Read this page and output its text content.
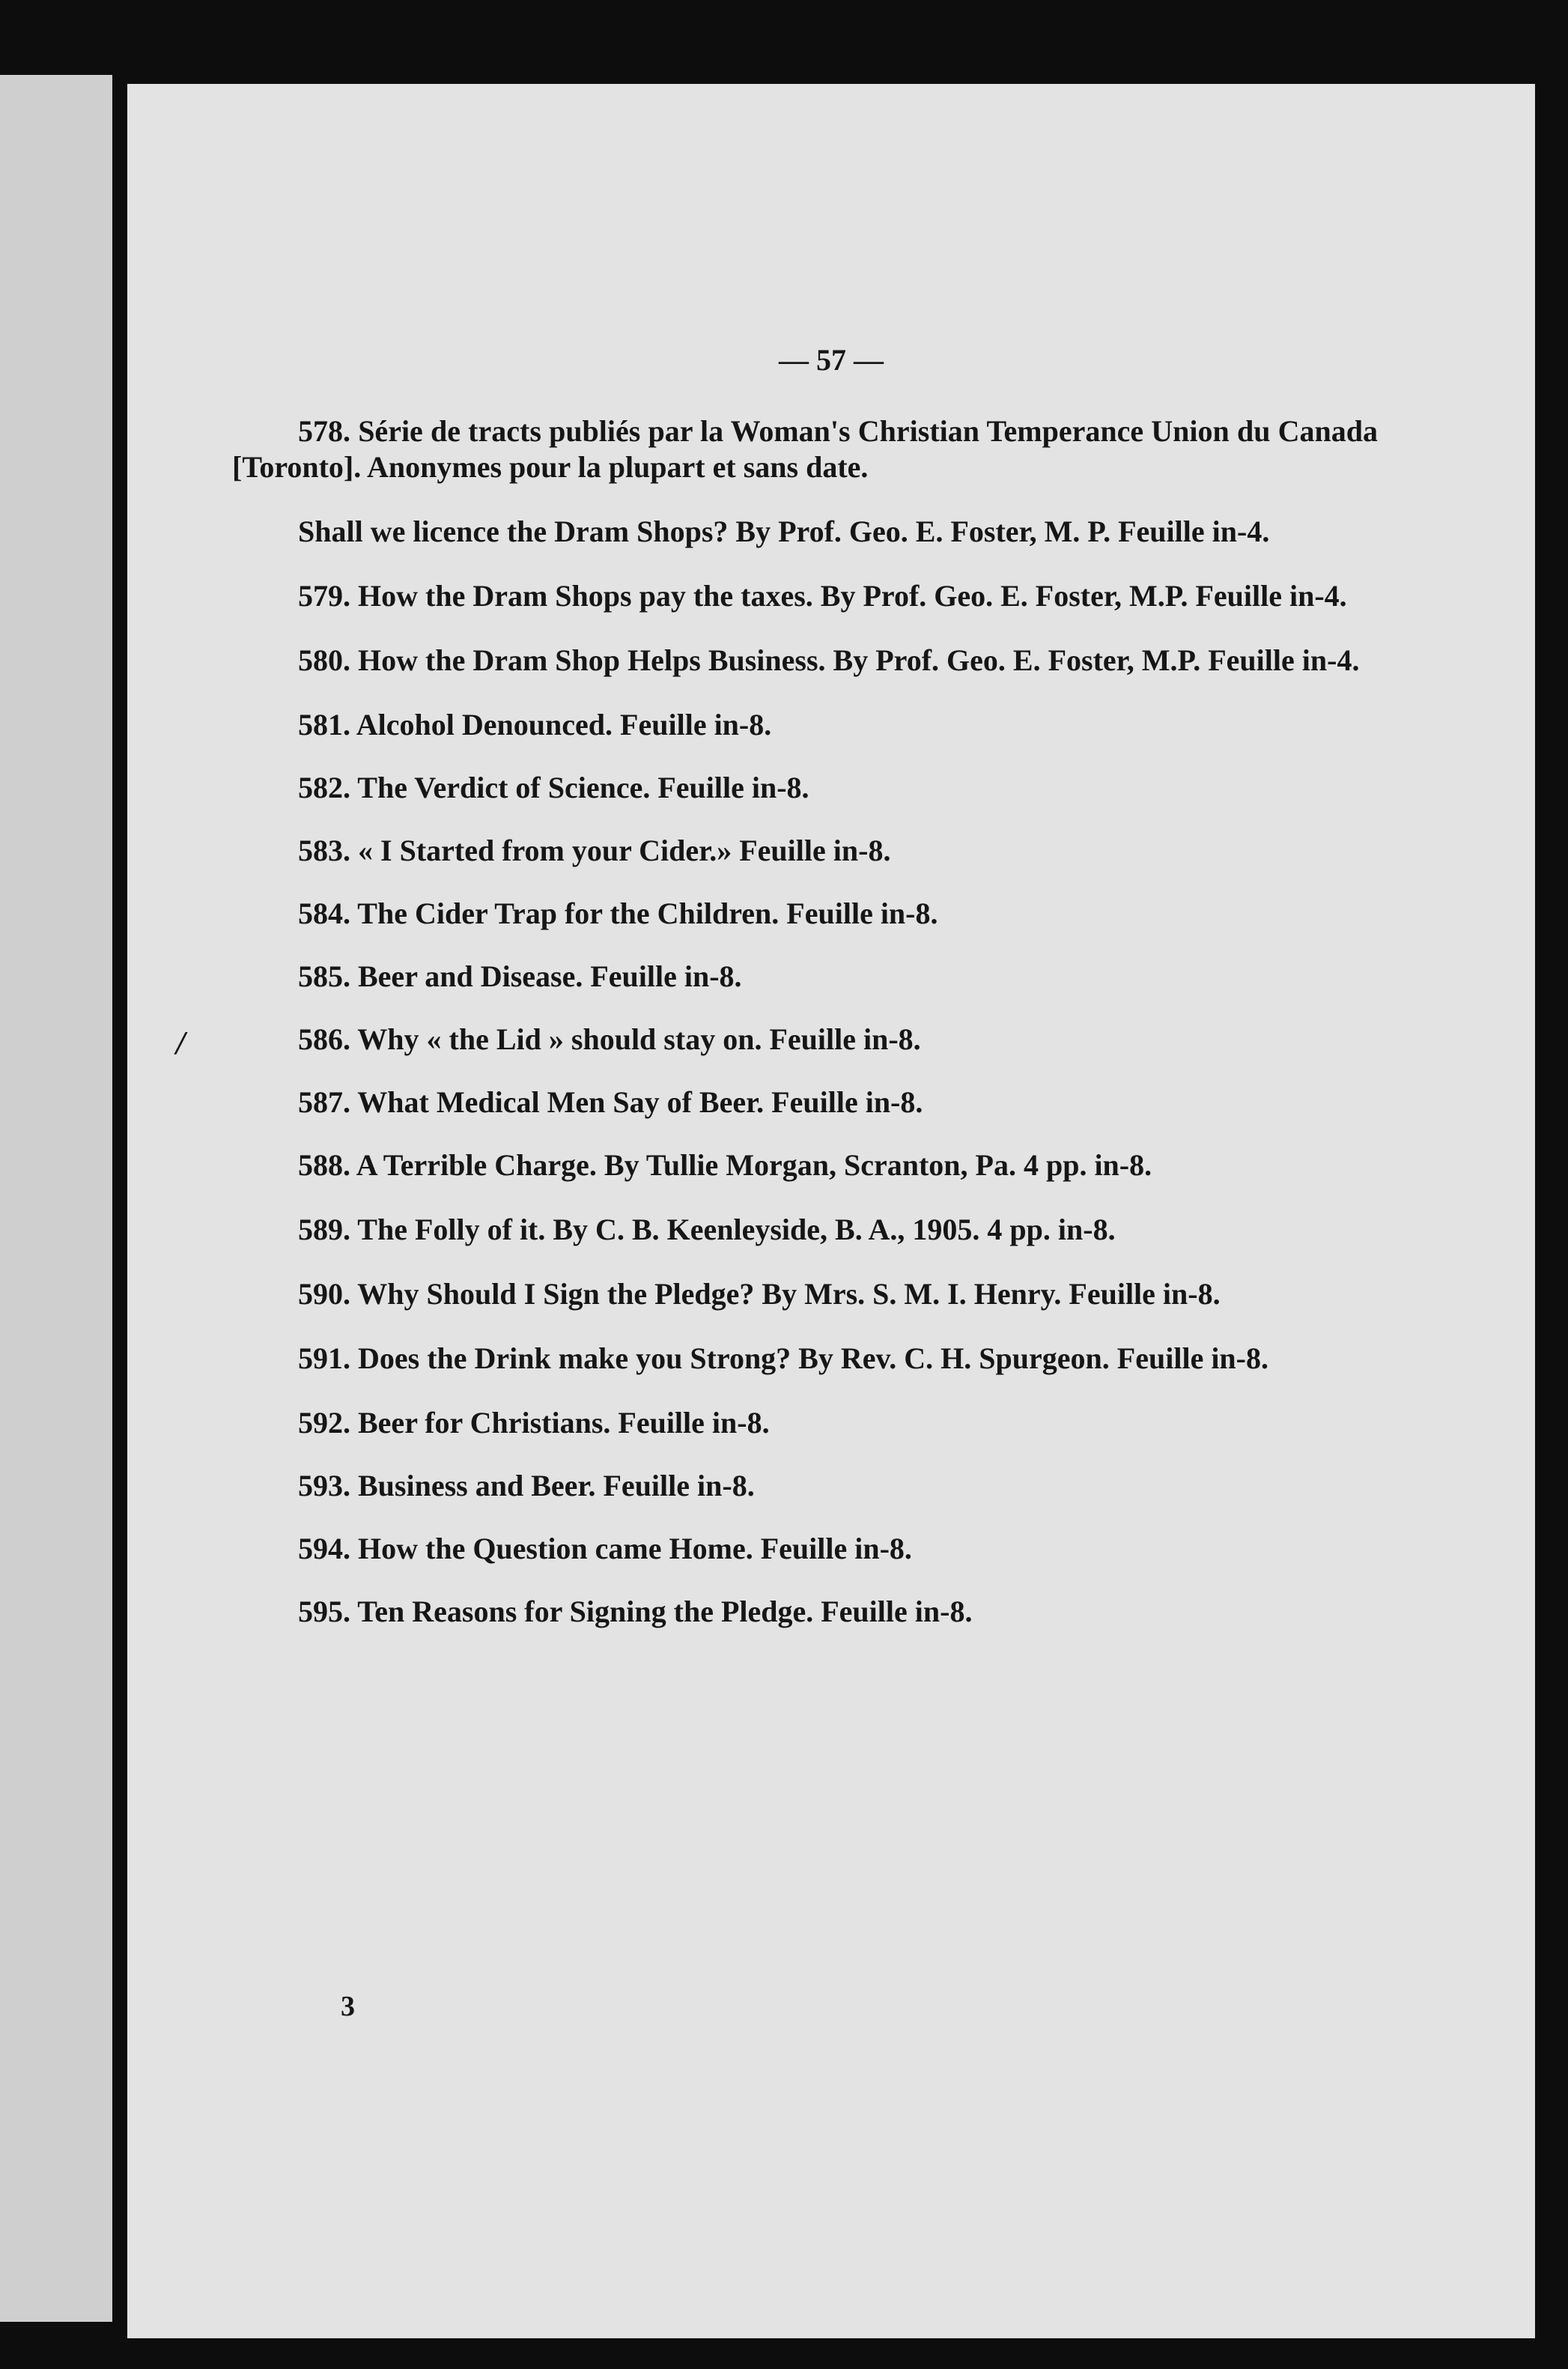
— 57 —
/

578. Série de tracts publiés par la Woman's Christian Temperance Union du Canada [Toronto]. Anonymes pour la plupart et sans date.

Shall we licence the Dram Shops? By Prof. Geo. E. Foster, M. P. Feuille in-4.

579. How the Dram Shops pay the taxes. By Prof. Geo. E. Foster, M.P. Feuille in-4.

580. How the Dram Shop Helps Business. By Prof. Geo. E. Foster, M.P. Feuille in-4.

581. Alcohol Denounced. Feuille in-8.

582. The Verdict of Science. Feuille in-8.

583. « I Started from your Cider.» Feuille in-8.

584. The Cider Trap for the Children. Feuille in-8.

585. Beer and Disease. Feuille in-8.

586. Why « the Lid » should stay on. Feuille in-8.

587. What Medical Men Say of Beer. Feuille in-8.

588. A Terrible Charge. By Tullie Morgan, Scranton, Pa. 4 pp. in-8.

589. The Folly of it. By C. B. Keenleyside, B. A., 1905. 4 pp. in-8.

590. Why Should I Sign the Pledge? By Mrs. S. M. I. Henry. Feuille in-8.

591. Does the Drink make you Strong? By Rev. C. H. Spurgeon. Feuille in-8.

592. Beer for Christians. Feuille in-8.

593. Business and Beer. Feuille in-8.

594. How the Question came Home. Feuille in-8.

595. Ten Reasons for Signing the Pledge. Feuille in-8.

3
